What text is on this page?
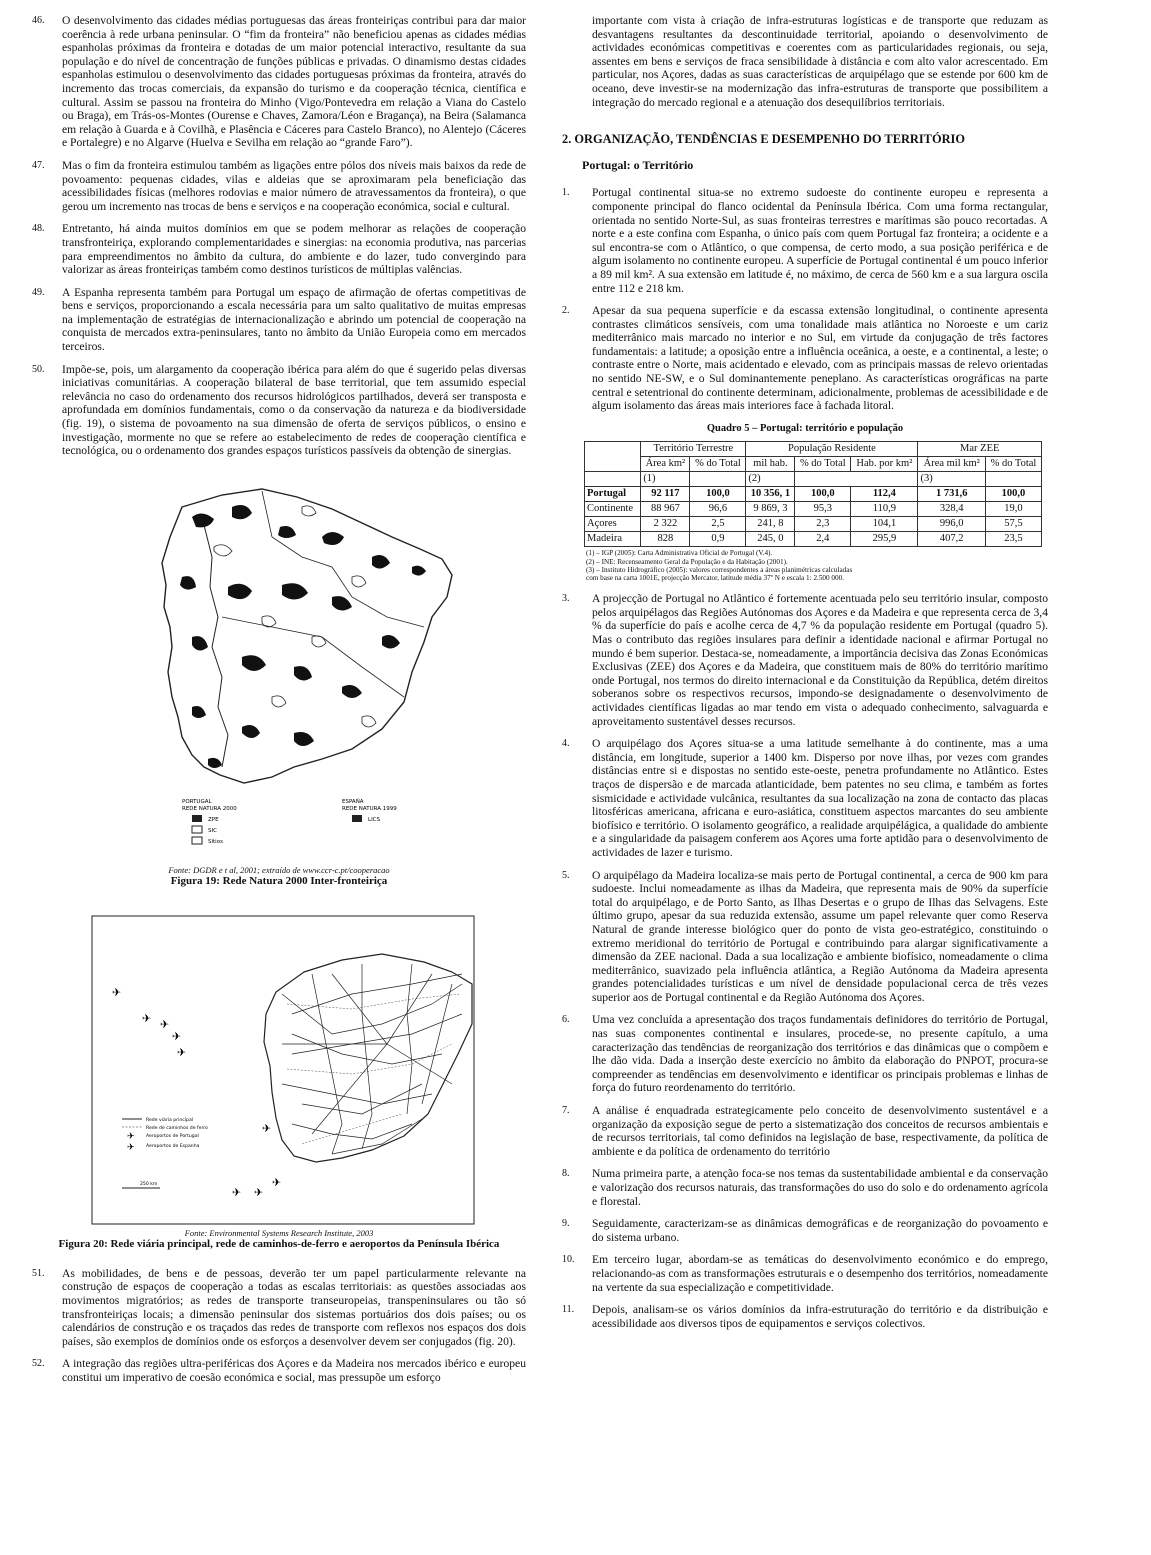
46. O desenvolvimento das cidades médias portuguesas das áreas fronteiriças contribui para dar maior coerência à rede urbana peninsular. O “fim da fronteira” não beneficiou apenas as cidades médias espanholas próximas da fronteira e dotadas de um maior potencial interactivo, resultante da sua população e do nível de concentração de funções públicas e privadas. O dinamismo destas cidades espanholas estimulou o desenvolvimento das cidades portuguesas próximas da fronteira, através do incremento das trocas comerciais, da expansão do turismo e da cooperação técnica, científica e cultural. Assim se passou na fronteira do Minho (Vigo/Pontevedra em relação a Viana do Castelo ou Braga), em Trás-os-Montes (Ourense e Chaves, Zamora/Léon e Bragança), na Beira (Salamanca em relação à Guarda e à Covilhã, e Plasência e Cáceres para Castelo Branco), no Alentejo (Cáceres e Portalegre) e no Algarve (Huelva e Sevilha em relação ao “grande Faro”).

47. Mas o fim da fronteira estimulou também as ligações entre pólos dos níveis mais baixos da rede de povoamento: pequenas cidades, vilas e aldeias que se aproximaram pela beneficiação das acessibilidades físicas (melhores rodovias e maior número de atravessamentos da fronteira), o que gerou um incremento nas trocas de bens e serviços e na cooperação económica, social e cultural.

48. Entretanto, há ainda muitos domínios em que se podem melhorar as relações de cooperação transfronteiriça, explorando complementaridades e sinergias: na economia produtiva, nas parcerias para empreendimentos no âmbito da cultura, do ambiente e do lazer, tudo convergindo para valorizar as áreas fronteiriças também como destinos turísticos de múltiplas valências.

49. A Espanha representa também para Portugal um espaço de afirmação de ofertas competitivas de bens e serviços, proporcionando a escala necessária para um salto qualitativo de muitas empresas na implementação de estratégias de internacionalização e abrindo um potencial de cooperação na conquista de mercados extra-peninsulares, tanto no âmbito da União Europeia como em mercados terceiros.

50. Impõe-se, pois, um alargamento da cooperação ibérica para além do que é sugerido pelas diversas iniciativas comunitárias. A cooperação bilateral de base territorial, que tem assumido especial relevância no caso do ordenamento dos recursos hidrológicos partilhados, deverá ser transposta e aprofundada em domínios fundamentais, como o da conservação da natureza e da biodiversidade (fig. 19), o sistema de povoamento na sua dimensão de oferta de serviços públicos, o ensino e investigação, mormente no que se refere ao estabelecimento de redes de cooperação científica e tecnológica, ou o ordenamento dos grandes espaços turísticos passíveis da obtenção de sinergias.

PORTUGAL
REDE NATURA 2000
ZPE
SIC
Sítios
ESPAÑA
REDE NATURA 1999
LICS
Fonte: DGDR e t al, 2001; extraído de www.ccr-c.pt/cooperacao
Figura 19: Rede Natura 2000 Inter-fronteiriça
✈
✈ ✈
✈
✈
✈
✈ ✈
✈
Rede viária principal
Rede de caminhos de ferro
✈ Aeroportos de Portugal
✈ Aeroportos de Espanha
250 km
Fonte: Environmental Systems Research Institute, 2003
Figura 20: Rede viária principal, rede de caminhos-de-ferro e aeroportos da Península Ibérica

51. As mobilidades, de bens e de pessoas, deverão ter um papel particularmente relevante na construção de espaços de cooperação a todas as escalas territoriais: as questões associadas aos movimentos migratórios; as redes de transporte transeuropeias, transpeninsulares ou tão só transfronteiriças locais; a dimensão peninsular dos sistemas portuários dos dois países; ou os calendários de construção e os traçados das redes de transporte com reflexos nos espaços dos dois países, são exemplos de domínios onde os esforços a desenvolver devem ser conjugados (fig. 20).

52. A integração das regiões ultra-periféricas dos Açores e da Madeira nos mercados ibérico e europeu constitui um imperativo de coesão económica e social, mas pressupõe um esforço

importante com vista à criação de infra-estruturas logísticas e de transporte que reduzam as desvantagens resultantes da descontinuidade territorial, apoiando o desenvolvimento de actividades económicas competitivas e coerentes com as particularidades regionais, ou seja, assentes em bens e serviços de fraca sensibilidade à distância e com alto valor acrescentado. Em particular, nos Açores, dadas as suas características de arquipélago que se estende por 600 km de oceano, deve investir-se na modernização das infra-estruturas de transporte que possibilitem a integração do mercado regional e a atenuação dos desequilíbrios territoriais.

2. ORGANIZAÇÃO, TENDÊNCIAS E DESEMPENHO DO TERRITÓRIO
Portugal: o Território

1. Portugal continental situa-se no extremo sudoeste do continente europeu e representa a componente principal do flanco ocidental da Península Ibérica. Com uma forma rectangular, orientada no sentido Norte-Sul, as suas fronteiras terrestres e marítimas são pouco recortadas. A norte e a este confina com Espanha, o único país com quem Portugal faz fronteira; a ocidente e a sul encontra-se com o Atlântico, o que compensa, de certo modo, a sua posição periférica e de algum isolamento no continente europeu. A superfície de Portugal continental é um pouco inferior a 89 mil km². A sua extensão em latitude é, no máximo, de cerca de 560 km e a sua largura oscila entre 112 e 218 km.

2. Apesar da sua pequena superfície e da escassa extensão longitudinal, o continente apresenta contrastes climáticos sensíveis, com uma tonalidade mais atlântica no Noroeste e um cariz mediterrânico mais marcado no interior e no Sul, em virtude da conjugação de três factores fundamentais: a latitude; a oposição entre a influência oceânica, a oeste, e a continental, a leste; o contraste entre o Norte, mais acidentado e elevado, com as principais massas de relevo orientadas no sentido NE-SW, e o Sul dominantemente peneplano. As características orográficas na parte central e setentrional do continente determinam, adicionalmente, problemas de acessibilidade e de algum isolamento das áreas mais interiores face à fachada litoral.

Quadro 5 – Portugal: território e população
	Território Terrestre		População Residente			Mar ZEE	
	Área km²	% do Total	mil hab.	% do Total	Hab. por km²	Área mil km²	% do Total
	(1)		(2)			(3)	
Portugal	92 117	100,0	10 356, 1	100,0	112,4	1 731,6	100,0
Continente	88 967	96,6	9 869, 3	95,3	110,9	328,4	19,0
Açores	2 322	2,5	241, 8	2,3	104,1	996,0	57,5
Madeira	828	0,9	245, 0	2,4	295,9	407,2	23,5
(1) – IGP (2005): Carta Administrativa Oficial de Portugal (V.4).
(2) – INE: Recenseamento Geral da População e da Habitação (2001).
(3) – Instituto Hidrográfico (2005): valores correspondentes a áreas planimétricas calculadas
com base na carta 1001E, projecção Mercator, latitude média 37º N e escala 1: 2.500 000.

3. A projecção de Portugal no Atlântico é fortemente acentuada pelo seu território insular, composto pelos arquipélagos das Regiões Autónomas dos Açores e da Madeira e que representa cerca de 3,4 % da superfície do país e acolhe cerca de 4,7 % da população residente em Portugal (quadro 5). Mas o contributo das regiões insulares para definir a identidade nacional e afirmar Portugal no mundo é bem superior. Destaca-se, nomeadamente, a importância decisiva das Zonas Económicas Exclusivas (ZEE) dos Açores e da Madeira, que constituem mais de 80% do território marítimo onde Portugal, nos termos do direito internacional e da Constituição da República, detém direitos soberanos sobre os respectivos recursos, impondo-se designadamente o desenvolvimento de actividades científicas ligadas ao mar tendo em vista o adequado conhecimento, salvaguarda e aproveitamento sustentável desses recursos.

4. O arquipélago dos Açores situa-se a uma latitude semelhante à do continente, mas a uma distância, em longitude, superior a 1400 km. Disperso por nove ilhas, por vezes com grandes distâncias entre si e dispostas no sentido este-oeste, penetra profundamente no Atlântico. Estes traços de dispersão e de marcada atlanticidade, bem patentes no seu clima, e também as fortes sismicidade e actividade vulcânica, resultantes da sua localização na zona de contacto das placas litosféricas americana, africana e euro-asiática, constituem aspectos marcantes do seu ambiente biofísico e território. O isolamento geográfico, a realidade arquipélágica, a qualidade do ambiente e a singularidade da paisagem conferem aos Açores uma forte aptidão para o desenvolvimento de actividades de lazer e turismo.

5. O arquipélago da Madeira localiza-se mais perto de Portugal continental, a cerca de 900 km para sudoeste. Inclui nomeadamente as ilhas da Madeira, que representa mais de 90% da superfície total do arquipélago, e de Porto Santo, as Ilhas Desertas e o grupo de Ilhas das Selvagens. Este último grupo, apesar da sua reduzida extensão, assume um papel relevante quer como Reserva Natural de grande interesse biológico quer do ponto de vista geo-estratégico, constituindo o extremo meridional do território de Portugal e contribuindo para alargar significativamente a dimensão da ZEE nacional. Dada a sua localização e ambiente biofísico, nomeadamente o clima mediterrânico, suavizado pela influência atlântica, a Região Autónoma da Madeira apresenta grandes potencialidades turísticas e um nível de densidade populacional cerca de três vezes superior aos de Portugal continental e da Região Autónoma dos Açores.

6. Uma vez concluída a apresentação dos traços fundamentais definidores do território de Portugal, nas suas componentes continental e insulares, procede-se, no presente capítulo, a uma caracterização das tendências de reorganização dos territórios e das dinâmicas que o compõem e lhe dão vida. Dada a inserção deste exercício no âmbito da elaboração do PNPOT, procura-se compreender as tendências em desenvolvimento e identificar os principais problemas e linhas de força do futuro reordenamento do território.

7. A análise é enquadrada estrategicamente pelo conceito de desenvolvimento sustentável e a organização da exposição segue de perto a sistematização dos conceitos de recursos ambientais e de recursos territoriais, tal como definidos na legislação de base, respectivamente, da política de ambiente e da política de ordenamento do território

8. Numa primeira parte, a atenção foca-se nos temas da sustentabilidade ambiental e da conservação e valorização dos recursos naturais, das transformações do uso do solo e do ordenamento agrícola e florestal.

9. Seguidamente, caracterizam-se as dinâmicas demográficas e de reorganização do povoamento e do sistema urbano.

10. Em terceiro lugar, abordam-se as temáticas do desenvolvimento económico e do emprego, relacionando-as com as transformações estruturais e o desempenho dos territórios, nomeadamente na vertente da sua especialização e competitividade.

11. Depois, analisam-se os vários domínios da infra-estruturação do território e da distribuição e acessibilidade aos diversos tipos de equipamentos e serviços colectivos.
